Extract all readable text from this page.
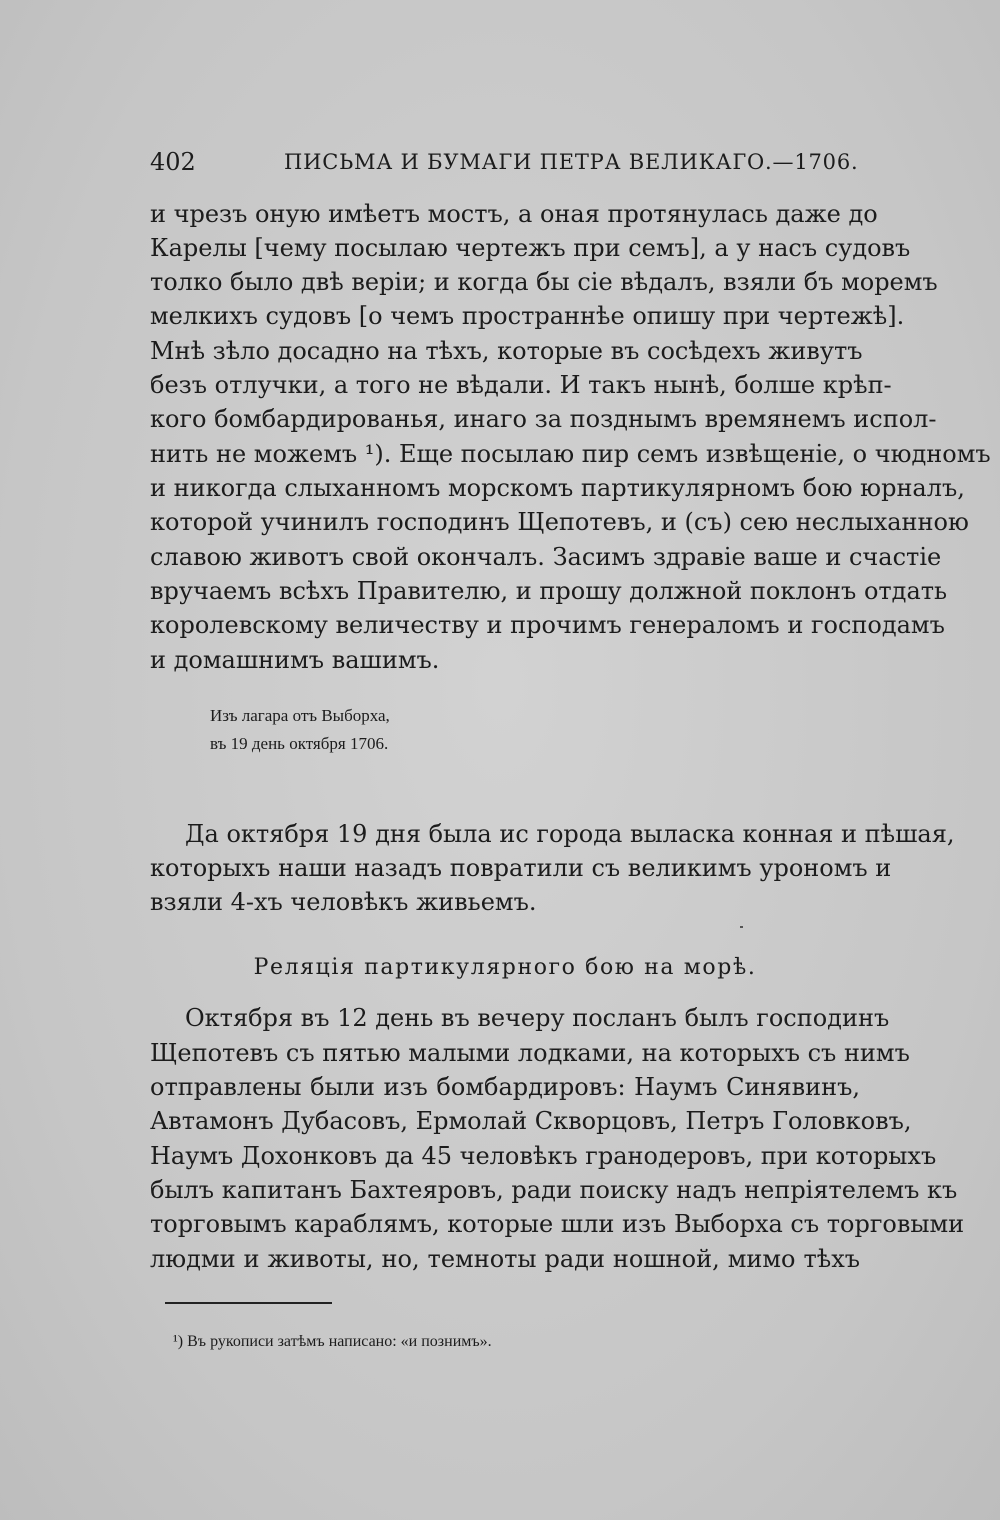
402	ПИСЬМА И БУМАГИ ПЕТРА ВЕЛИКАГО.—1706.
и чрезъ оную имѣетъ мостъ, а оная протянулась даже до
Карелы [чему посылаю чертежъ при семъ], а у насъ судовъ
толко было двѣ веріи; и когда бы сіе вѣдалъ, взяли бъ моремъ
мелкихъ судовъ [о чемъ пространнѣе опишу при чертежѣ].
Мнѣ зѣло досадно на тѣхъ, которые въ сосѣдехъ живутъ
безъ отлучки, а того не вѣдали. И такъ нынѣ, болше крѣп-
кого бомбардированья, инаго за позднымъ времянемъ испол-
нить не можемъ ¹). Еще посылаю пир семъ извѣщеніе, о чюдномъ
и никогда слыханномъ морскомъ партикулярномъ бою юрналъ,
которой учинилъ господинъ Щепотевъ, и (съ) сею неслыханною
славою животъ свой окончалъ. Засимъ здравіе ваше и счастіе
вручаемъ всѣхъ Правителю, и прошу должной поклонъ отдать
королевскому величеству и прочимъ генераломъ и господамъ
и домашнимъ вашимъ.
Изъ лагара отъ Выборха,
въ 19 день октября 1706.
Да октября 19 дня была ис города выласка конная и пѣшая,
которыхъ наши назадъ повратили съ великимъ урономъ и
взяли 4-хъ человѣкъ живьемъ.
Реляція партикулярного бою на морѣ.
Октября въ 12 день въ вечеру посланъ былъ господинъ
Щепотевъ съ пятью малыми лодками, на которыхъ съ нимъ
отправлены были изъ бомбардировъ: Наумъ Синявинъ,
Автамонъ Дубасовъ, Ермолай Скворцовъ, Петръ Головковъ,
Наумъ Дохонковъ да 45 человѣкъ гранодеровъ, при которыхъ
былъ капитанъ Бахтеяровъ, ради поиску надъ непріятелемъ къ
торговымъ караблямъ, которые шли изъ Выборха съ торговыми
людми и животы, но, темноты ради ношной, мимо тѣхъ
¹) Въ рукописи затѣмъ написано: «и познимъ».
